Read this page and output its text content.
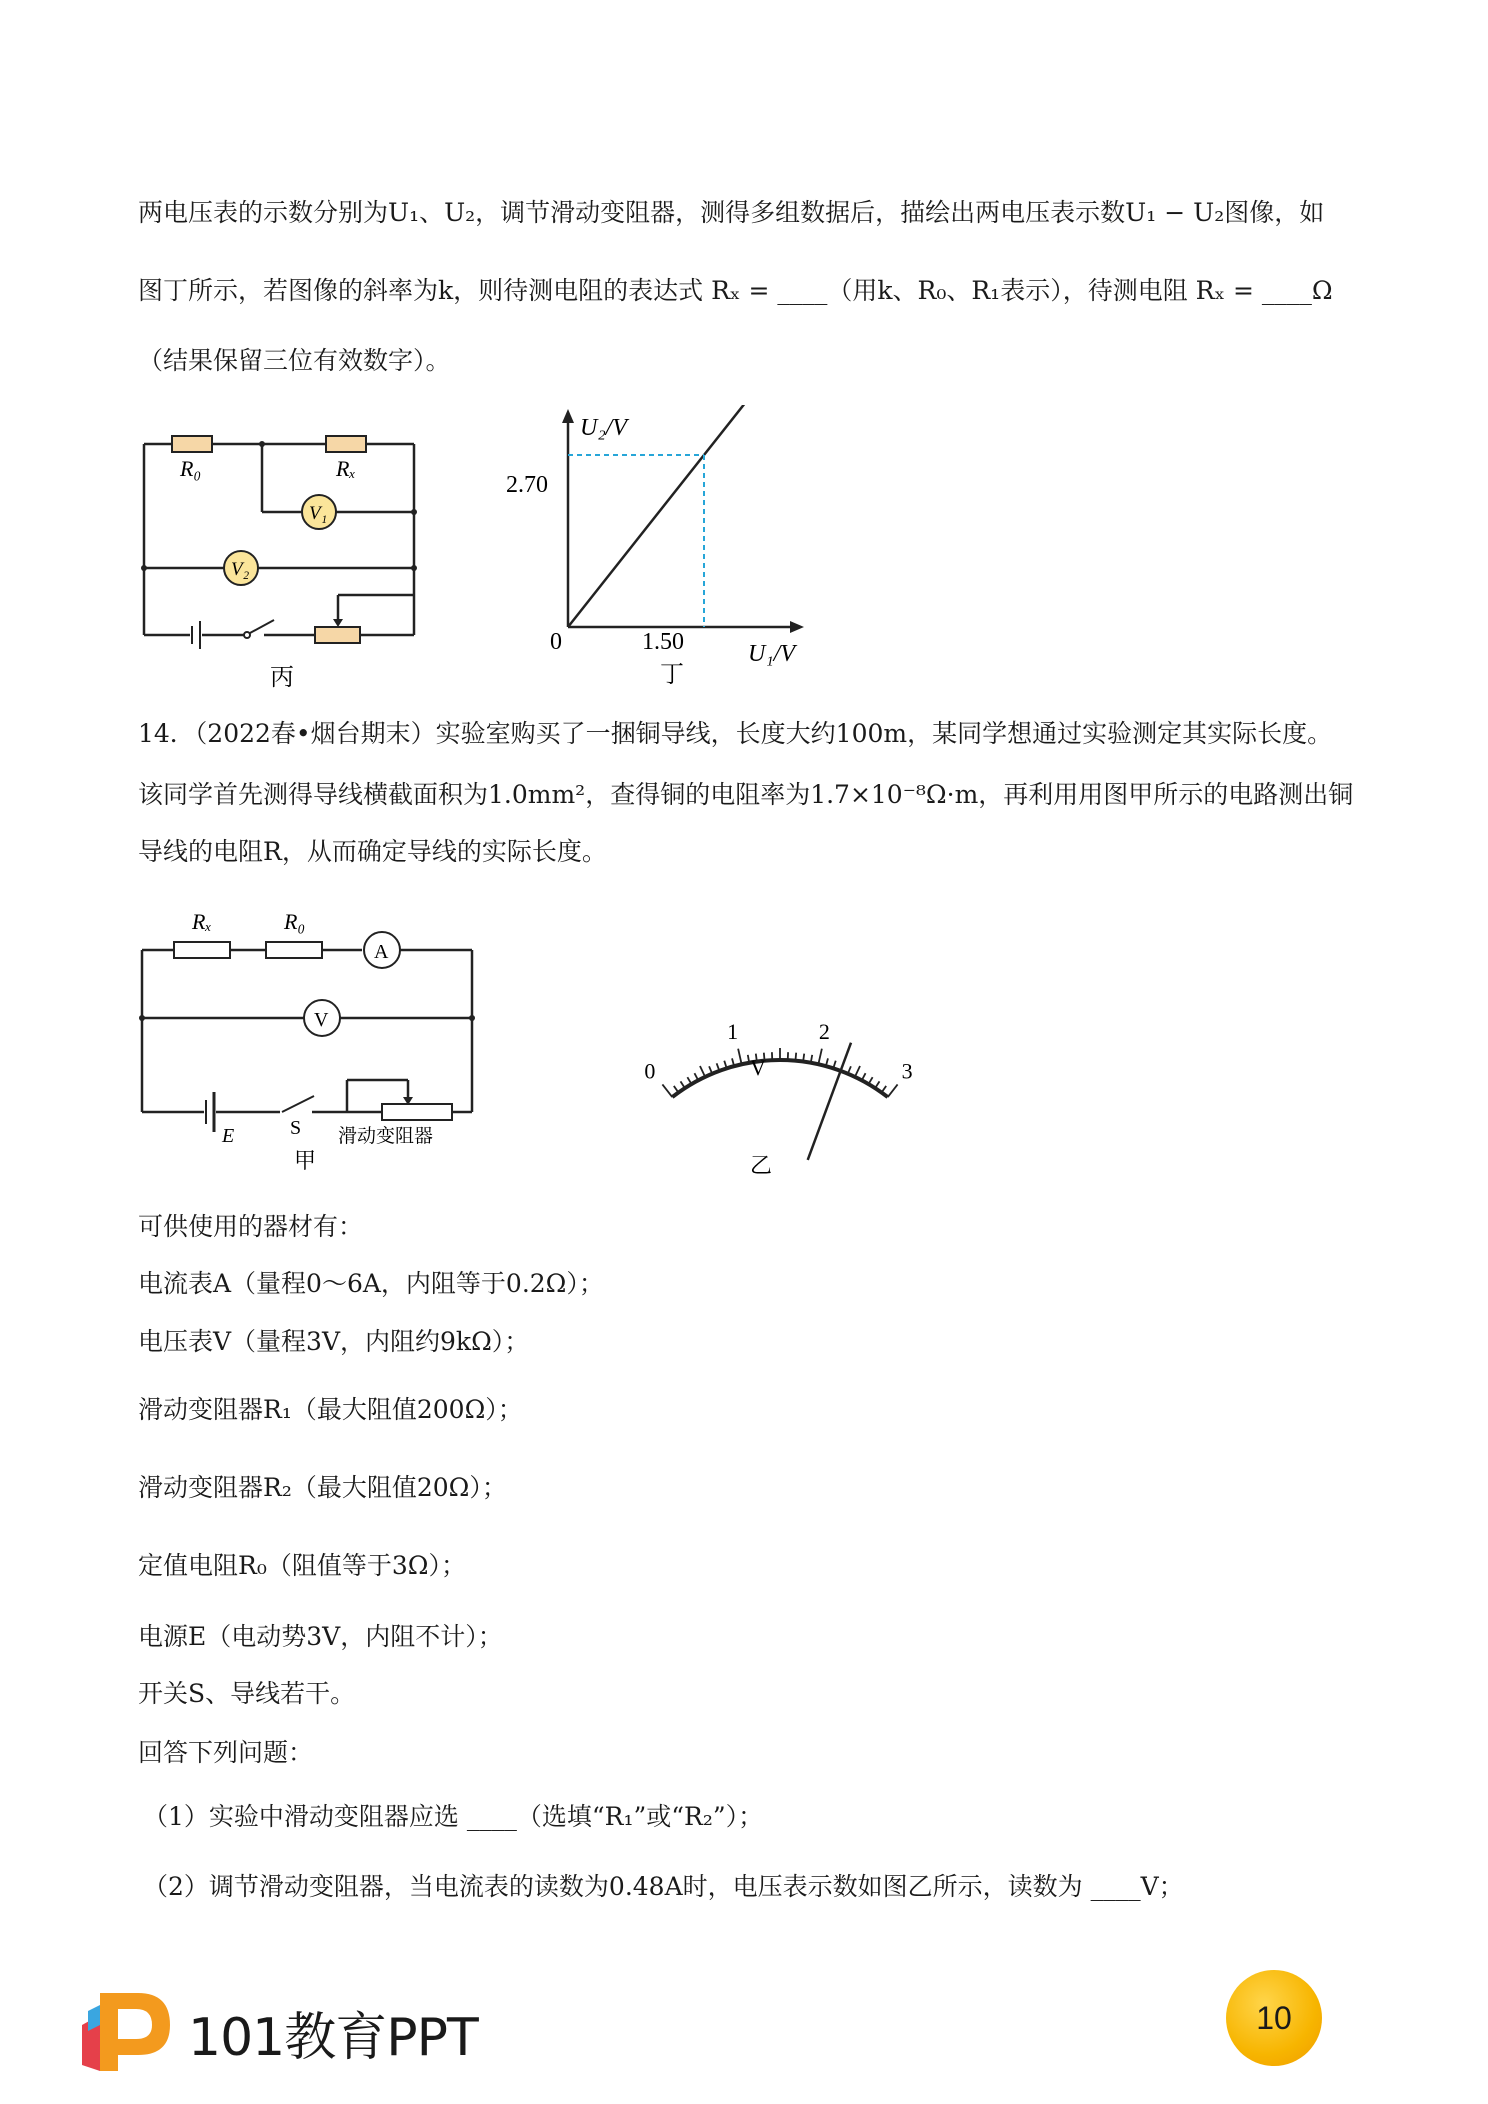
两电压表的示数分别为U₁、U₂，调节滑动变阻器，测得多组数据后，描绘出两电压表示数U₁ − U₂图像，如
图丁所示，若图像的斜率为k，则待测电阻的表达式 Rₓ = ____（用k、R₀、R₁表示），待测电阻 Rₓ = ____Ω
（结果保留三位有效数字）。
R₀	Rₓ
V₁
V₂
丙
U₂/V
U₁/V
2.70
1.50
0
丁
14．（2022春•烟台期末）实验室购买了一捆铜导线，长度大约100m，某同学想通过实验测定其实际长度。
该同学首先测得导线横截面积为1.0mm²，查得铜的电阻率为1.7×10⁻⁸Ω·m，再利用用图甲所示的电路测出铜
导线的电阻R，从而确定导线的实际长度。
Rₓ	R₀
A
V
E	S 滑动变阻器
甲
0
1	2
3
V
乙
可供使用的器材有：
电流表A（量程0～6A，内阻等于0.2Ω）；
电压表V（量程3V，内阻约9kΩ）；
滑动变阻器R₁（最大阻值200Ω）；
滑动变阻器R₂（最大阻值20Ω）；
定值电阻R₀（阻值等于3Ω）；
电源E（电动势3V，内阻不计）；
开关S、导线若干。
回答下列问题：
（1）实验中滑动变阻器应选 ____（选填“R₁”或“R₂”）；
（2）调节滑动变阻器，当电流表的读数为0.48A时，电压表示数如图乙所示，读数为 ____V；
101教育PPT	10
